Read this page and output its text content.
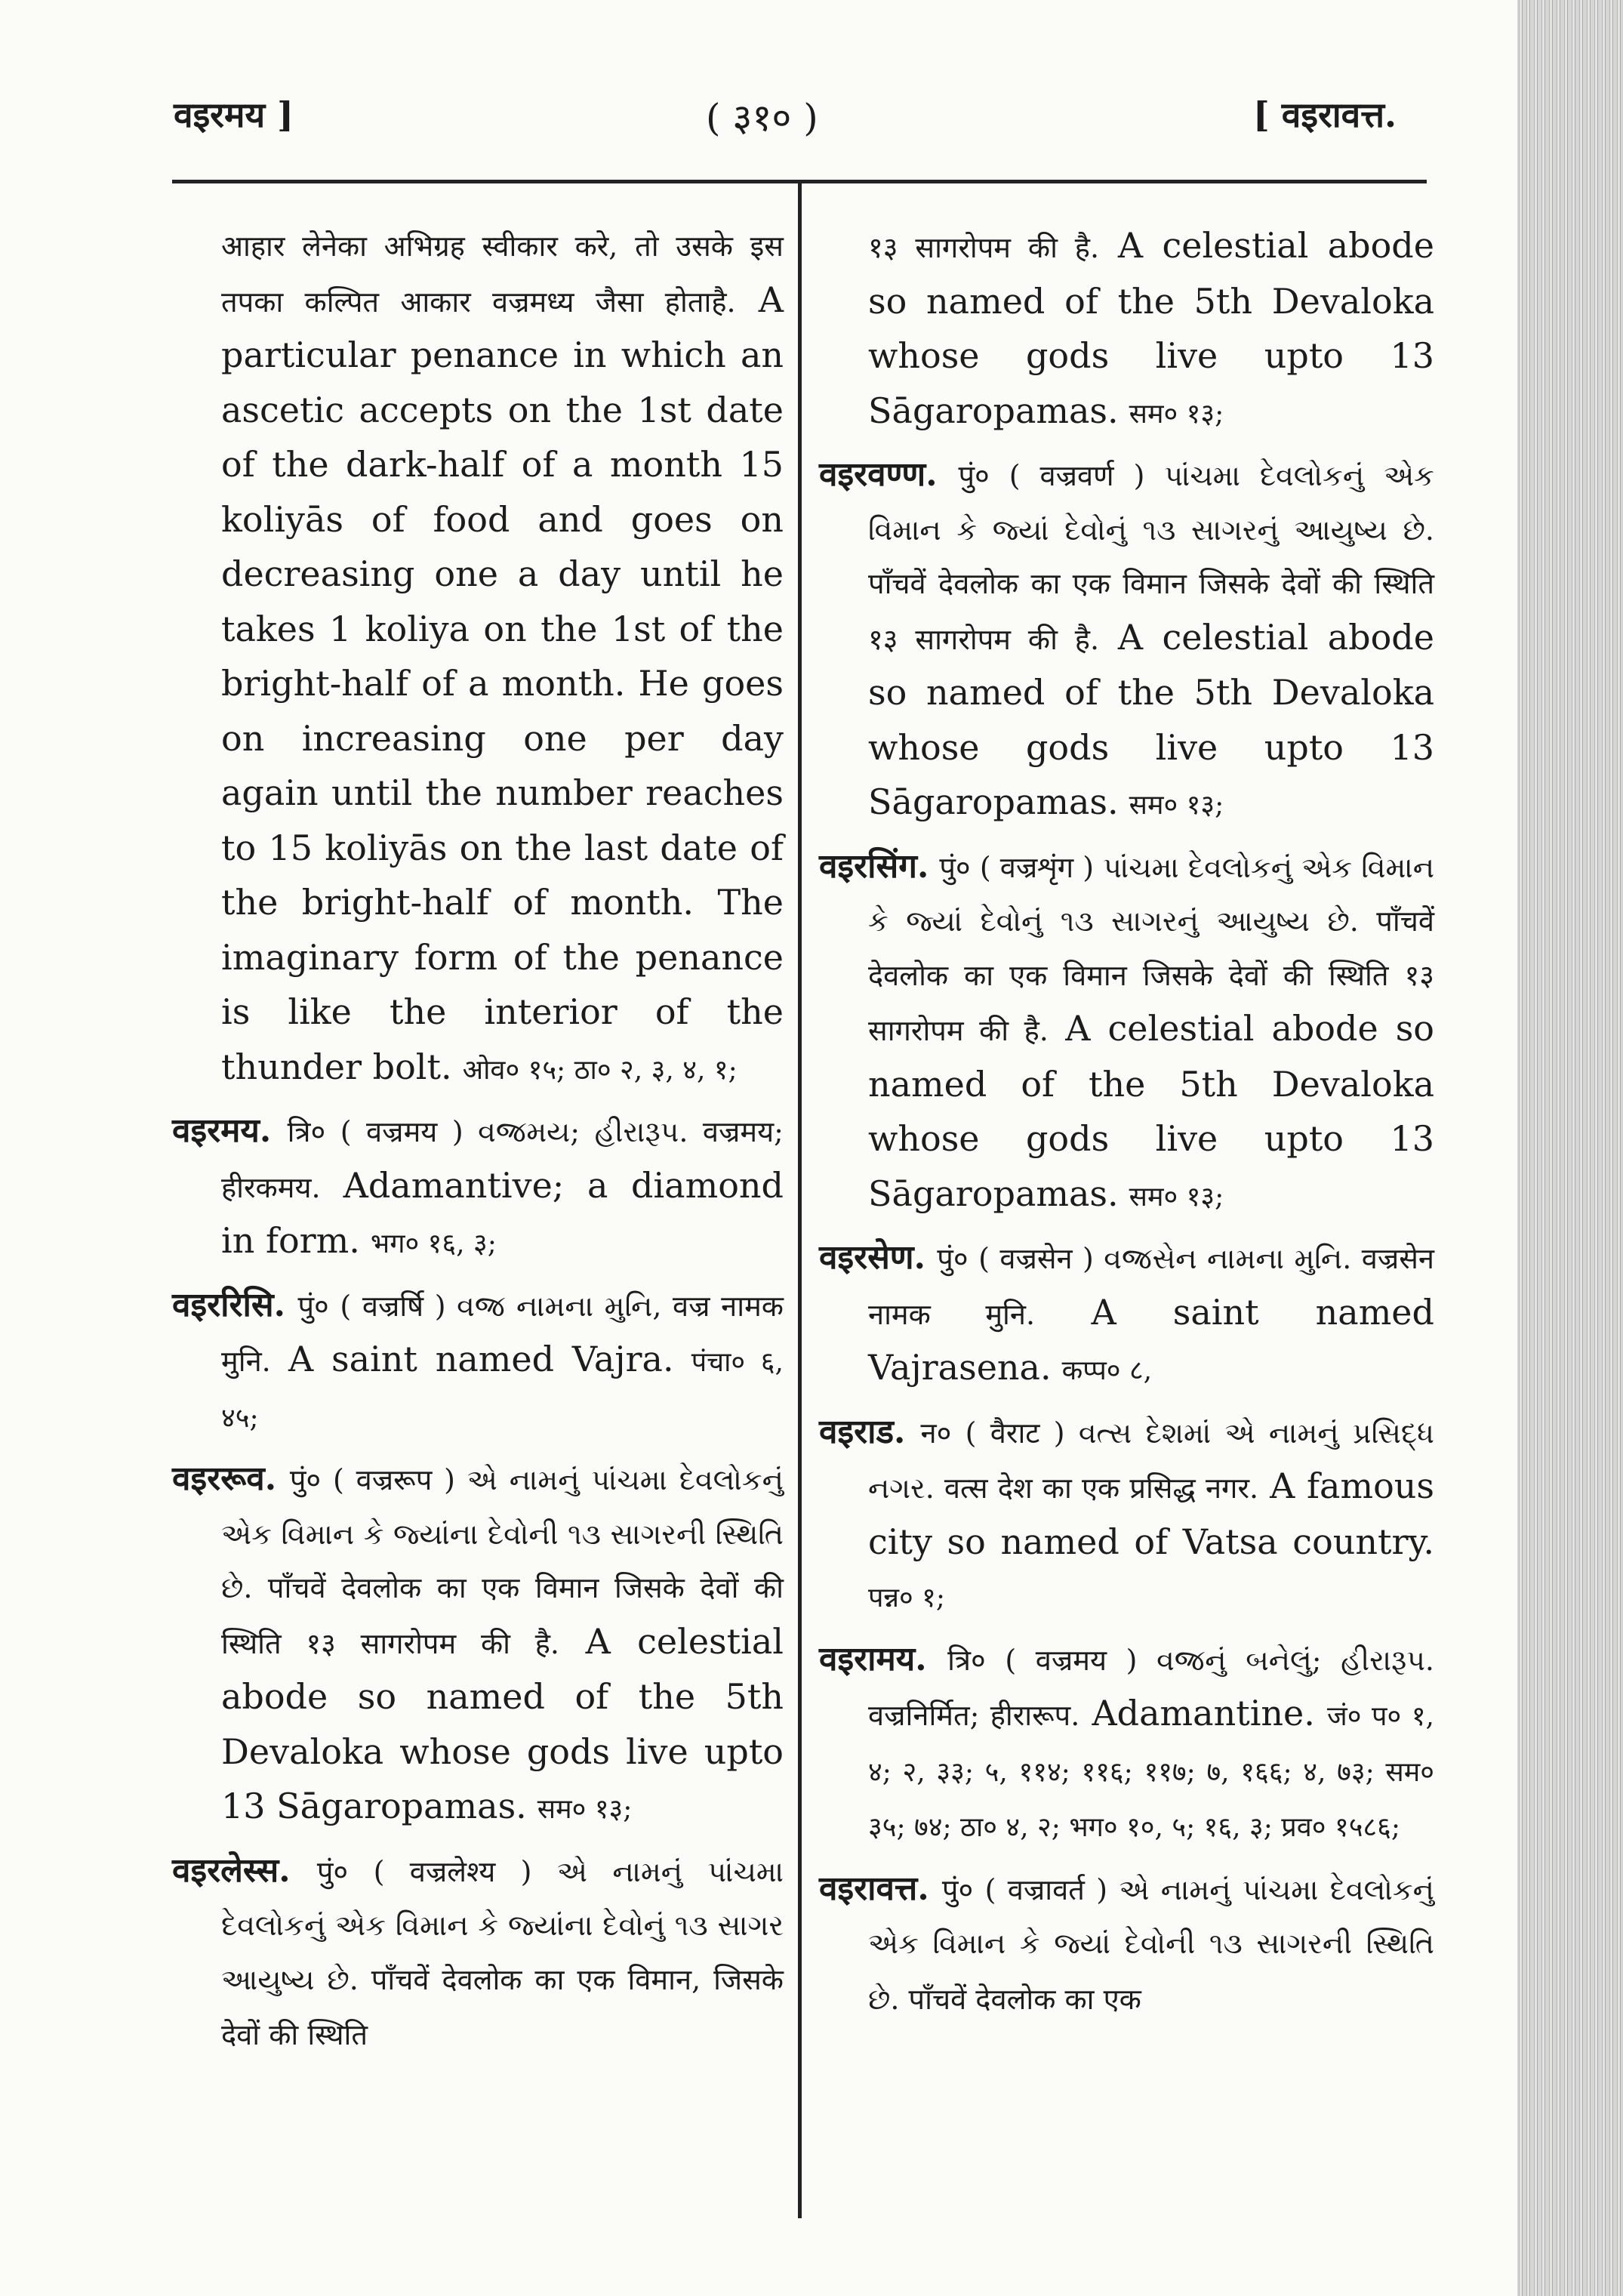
वइरमय ]	( ३१० )	[ वइरावत्त.

आहार लेनेका अभिग्रह स्वीकार करे, तो उसके इस तपका कल्पित आकार वज्रमध्य जैसा होताहै. A particular penance in which an ascetic accepts on the 1st date of the dark-half of a month 15 koliyās of food and goes on decreasing one a day until he takes 1 koliya on the 1st of the bright-half of a month. He goes on increasing one per day again until the number reaches to 15 koliyās on the last date of the bright-half of month. The imaginary form of the penance is like the interior of the thunder bolt. ओव० १५; ठा० २, ३, ४, १;

वइरमय. त्रि० ( वज्रमय ) વજ્રમય; હીરારૂપ. वज्रमय; हीरकमय. Adamantive; a diamond in form. भग० १६, ३;

वइररिसि. पुं० ( वज्रर्षि ) વજ્ર નામના મુનિ, वज्र नामक मुनि. A saint named Vajra. पंचा० ६, ४५;

वइररूव. पुं० ( वज्ररूप ) એ નામનું પાંચમા દેવલોકનું એક વિમાન કે જ્યાંના દેવોની ૧૩ સાગરની સ્થિતિ છે. पाँचवें देवलोक का एक विमान जिसके देवों की स्थिति १३ सागरोपम की है. A celestial abode so named of the 5th Devaloka whose gods live upto 13 Sāgaropamas. सम० १३;

वइरलेस्स. पुं० ( वज्रलेश्य ) એ નામનું પાંચમા દેવલોકનું એક વિમાન કે જ્યાંના દેવોનું ૧૩ સાગર આયુષ્ય છે. पाँचवें देवलोक का एक विमान, जिसके देवों की स्थिति

१३ सागरोपम की है. A celestial abode so named of the 5th Devaloka whose gods live upto 13 Sāgaropamas. सम० १३;

वइरवण्ण. पुं० ( वज्रवर्ण ) પાંચમા દેવલોકનું એક વિમાન કે જ્યાં દેવોનું ૧૩ સાગરનું આયુષ્ય છે. पाँचवें देवलोक का एक विमान जिसके देवों की स्थिति १३ सागरोपम की है. A celestial abode so named of the 5th Devaloka whose gods live upto 13 Sāgaropamas. सम० १३;

वइरसिंग. पुं० ( वज्रशृंग ) પાંચમા દેવલોકનું એક વિમાન કે જ્યાં દેવોનું ૧૩ સાગરનું આયુષ્ય છે. पाँचवें देवलोक का एक विमान जिसके देवों की स्थिति १३ सागरोपम की है. A celestial abode so named of the 5th Devaloka whose gods live upto 13 Sāgaropamas. सम० १३;

वइरसेण. पुं० ( वज्रसेन ) વજ્રસેન નામના મુનિ. वज्रसेन नामक मुनि. A saint named Vajrasena. कप्प० ८,

वइराड. न० ( वैराट ) વત્સ દેશમાં એ નામનું પ્રસિદ્ધ નગર. वत्स देश का एक प्रसिद्ध नगर. A famous city so named of Vatsa country. पन्न० १;

वइरामय. त्रि० ( वज्रमय ) વજ્રનું બનેલું; હીરારૂપ. वज्रनिर्मित; हीरारूप. Adamantine. जं० प० १, ४; २, ३३; ५, ११४; ११६; ११७; ७, १६६; ४, ७३; सम० ३५; ७४; ठा० ४, २; भग० १०, ५; १६, ३; प्रव० १५८६;

वइरावत्त. पुं० ( वज्रावर्त ) એ નામનું પાંચમા દેવલોકનું એક વિમાન કે જ્યાં દેવોની ૧૩ સાગરની સ્થિતિ છે. पाँचवें देवलोक का एक
